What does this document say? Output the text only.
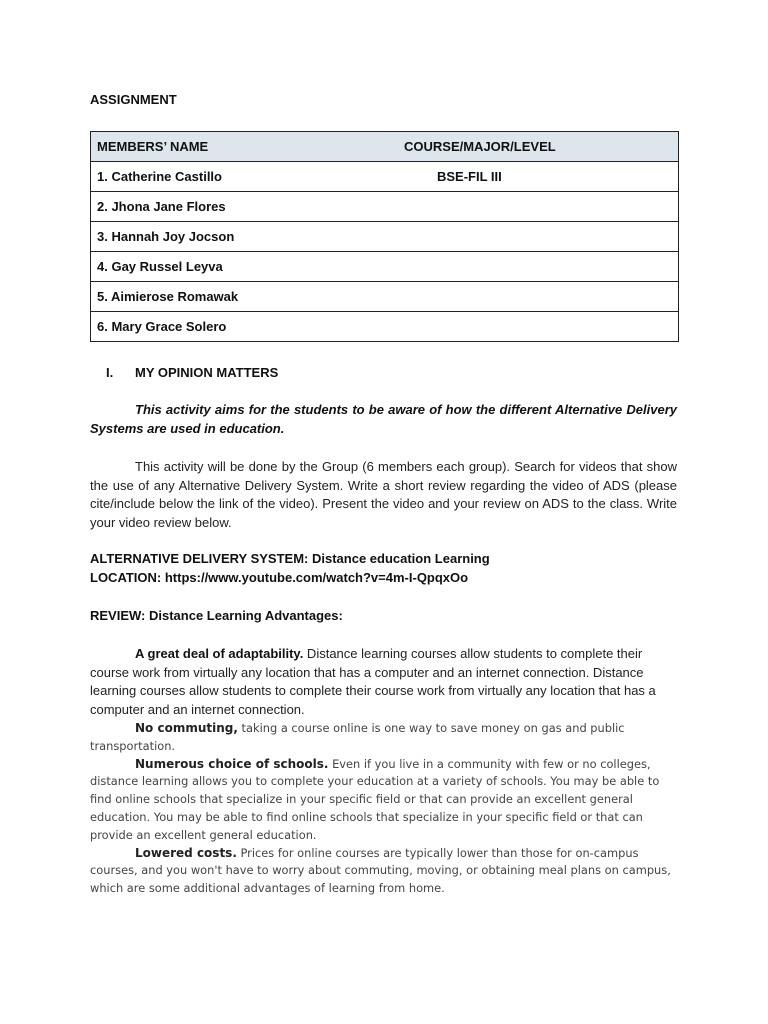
ASSIGNMENT
MEMBERS’ NAME	COURSE/MAJOR/LEVEL
1. Catherine Castillo	BSE-FIL III
2. Jhona Jane Flores	
3. Hannah Joy Jocson	
4. Gay Russel Leyva	
5. Aimierose Romawak	
6. Mary Grace Solero	
I. MY OPINION MATTERS
This activity aims for the students to be aware of how the different Alternative Delivery Systems are used in education.
This activity will be done by the Group (6 members each group). Search for videos that show the use of any Alternative Delivery System. Write a short review regarding the video of ADS (please cite/include below the link of the video). Present the video and your review on ADS to the class. Write your video review below.
ALTERNATIVE DELIVERY SYSTEM: Distance education Learning
LOCATION: https://www.youtube.com/watch?v=4m-I-QpqxOo
REVIEW: Distance Learning Advantages:
A great deal of adaptability. Distance learning courses allow students to complete their course work from virtually any location that has a computer and an internet connection. Distance learning courses allow students to complete their course work from virtually any location that has a computer and an internet connection.

No commuting, taking a course online is one way to save money on gas and public transportation.

Numerous choice of schools. Even if you live in a community with few or no colleges, distance learning allows you to complete your education at a variety of schools. You may be able to find online schools that specialize in your specific field or that can provide an excellent general education. You may be able to find online schools that specialize in your specific field or that can provide an excellent general education.

Lowered costs. Prices for online courses are typically lower than those for on-campus courses, and you won't have to worry about commuting, moving, or obtaining meal plans on campus, which are some additional advantages of learning from home.
